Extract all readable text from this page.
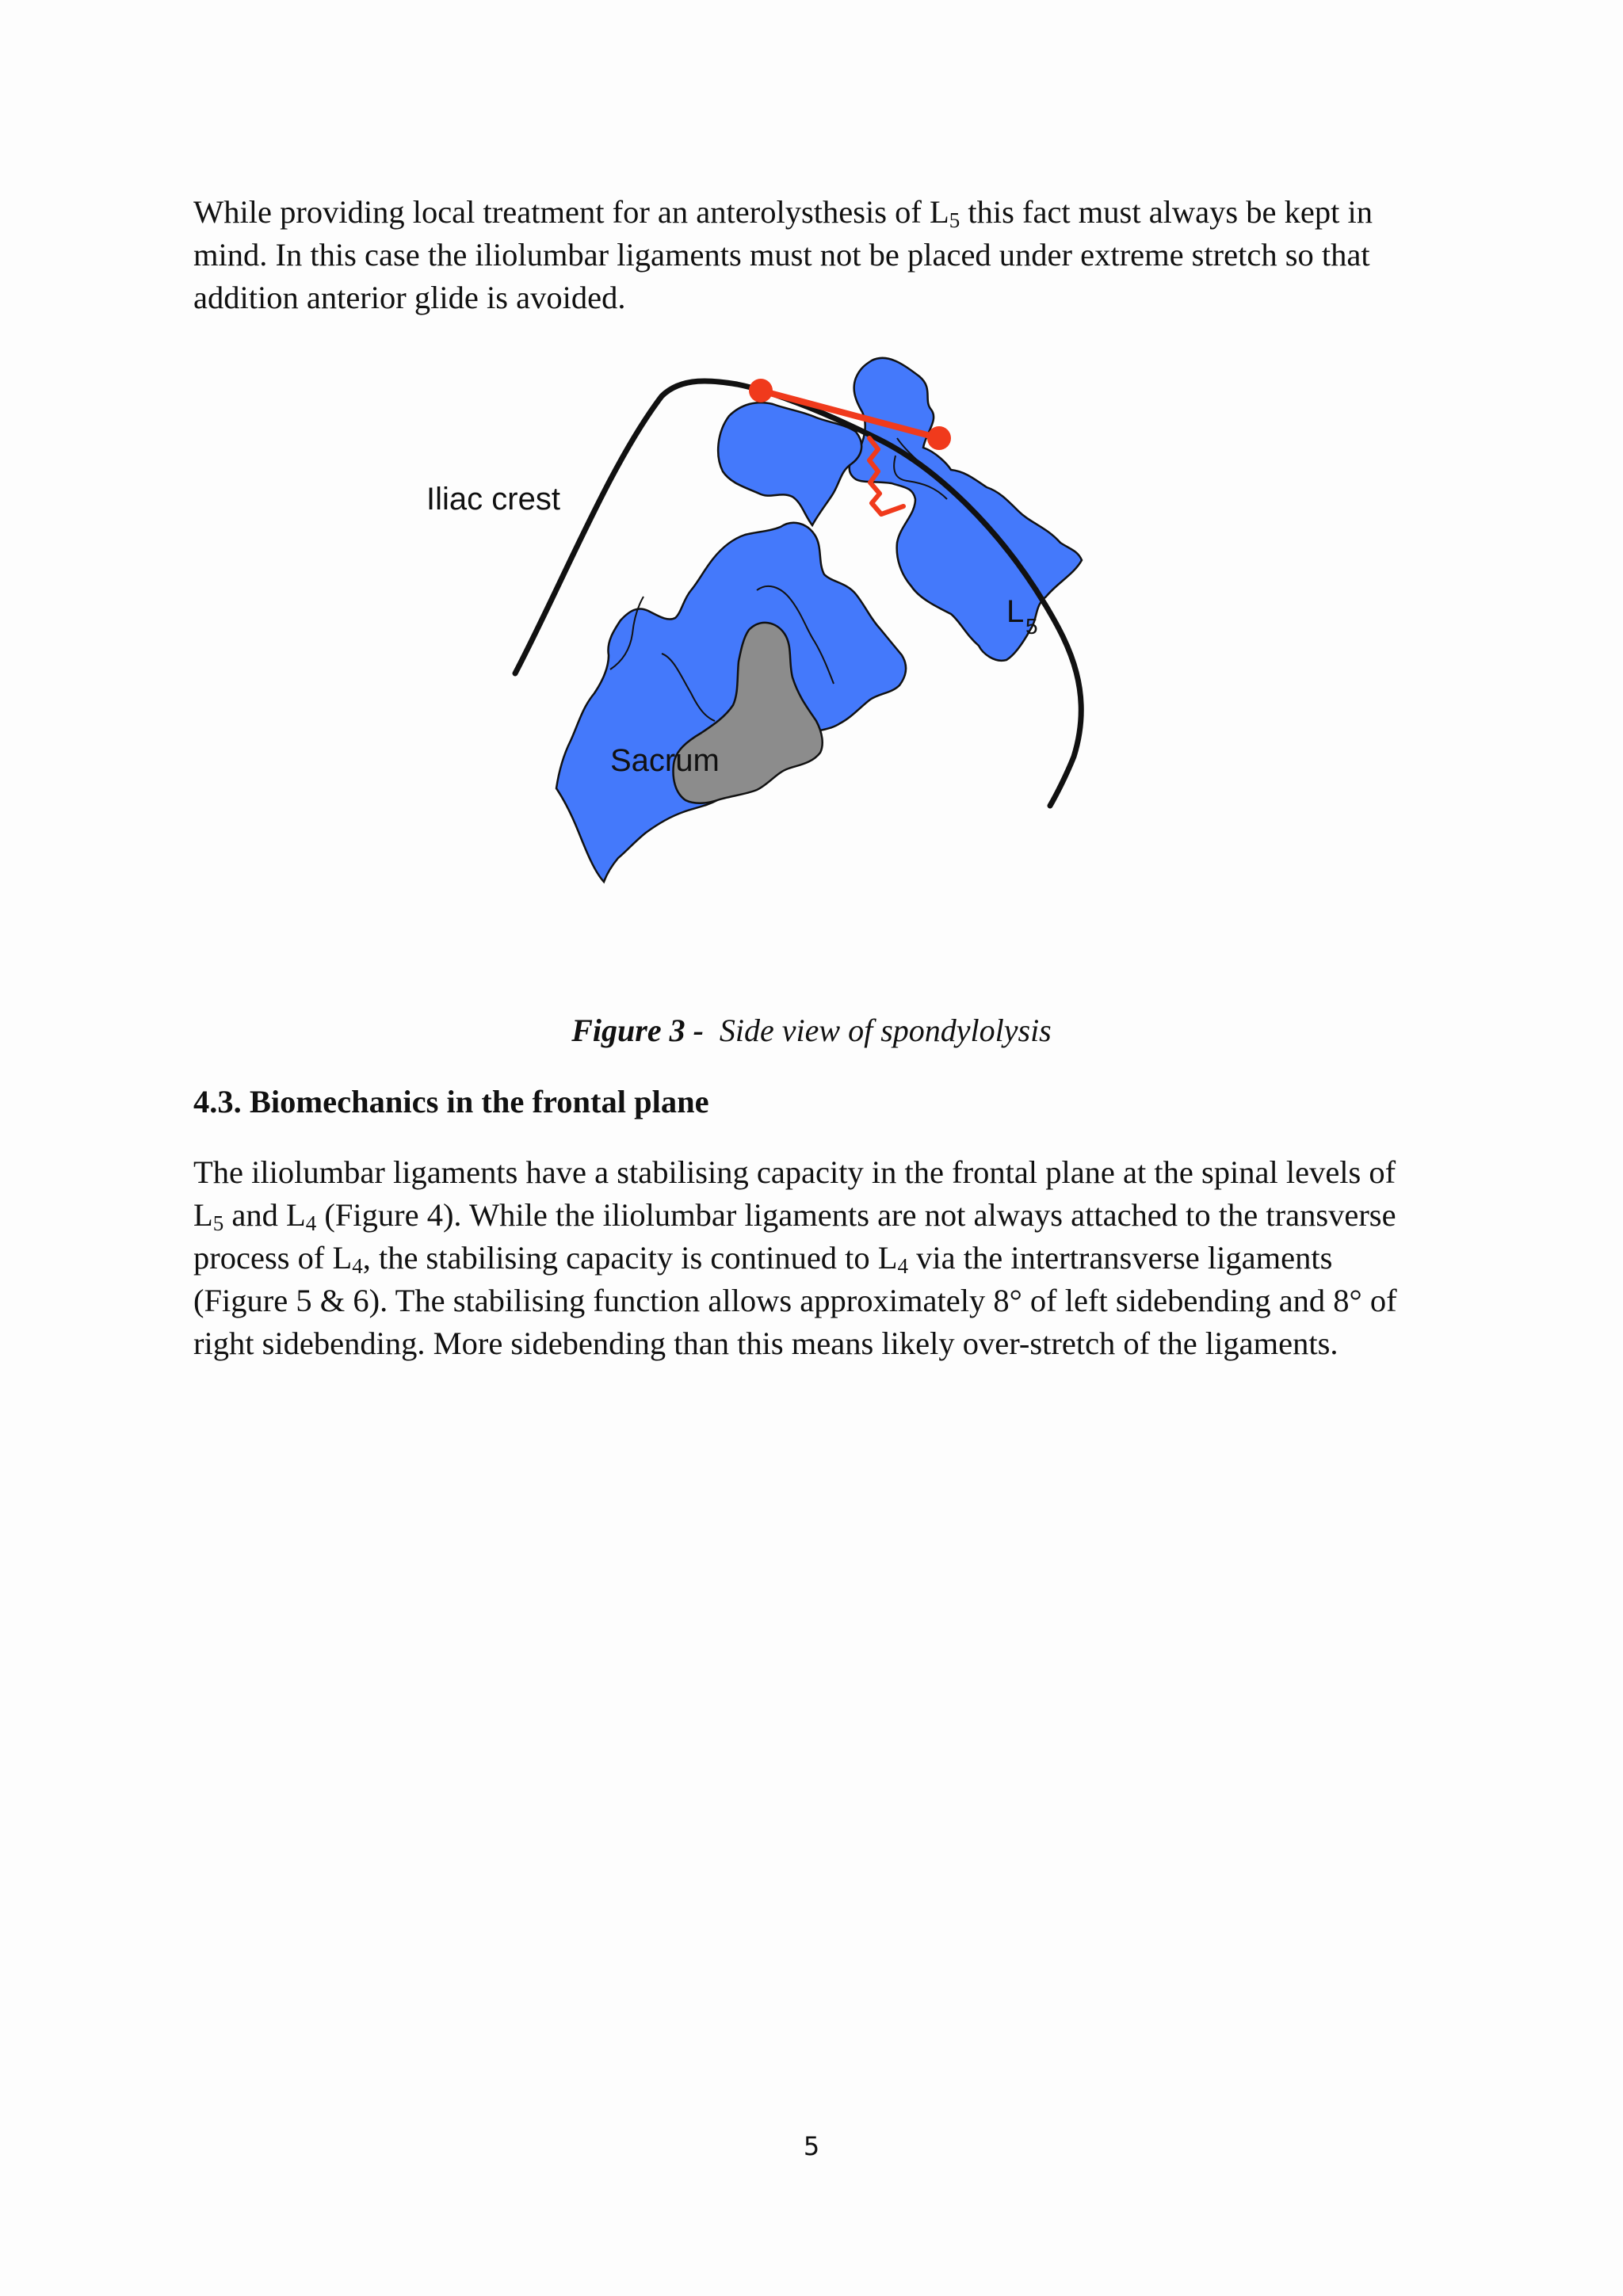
While providing local treatment for an anterolysthesis of $L_5$ this fact must always be kept in
mind. In this case the iliolumbar ligaments must not be placed under extreme stretch so that
addition anterior glide is avoided.
Iliac crest
L 5
Sacrum
Figure 3 - Side view of spondylolysis
4.3. Biomechanics in the frontal plane
The iliolumbar ligaments have a stabilising capacity in the frontal plane at the spinal levels of
$L_5$ and $L_4$ (Figure 4). While the iliolumbar ligaments are not always attached to the transverse
process of $L_4$, the stabilising capacity is continued to $L_4$ via the intertransverse ligaments
(Figure 5 & 6). The stabilising function allows approximately 8° of left sidebending and 8° of
right sidebending. More sidebending than this means likely over-stretch of the ligaments.
5
